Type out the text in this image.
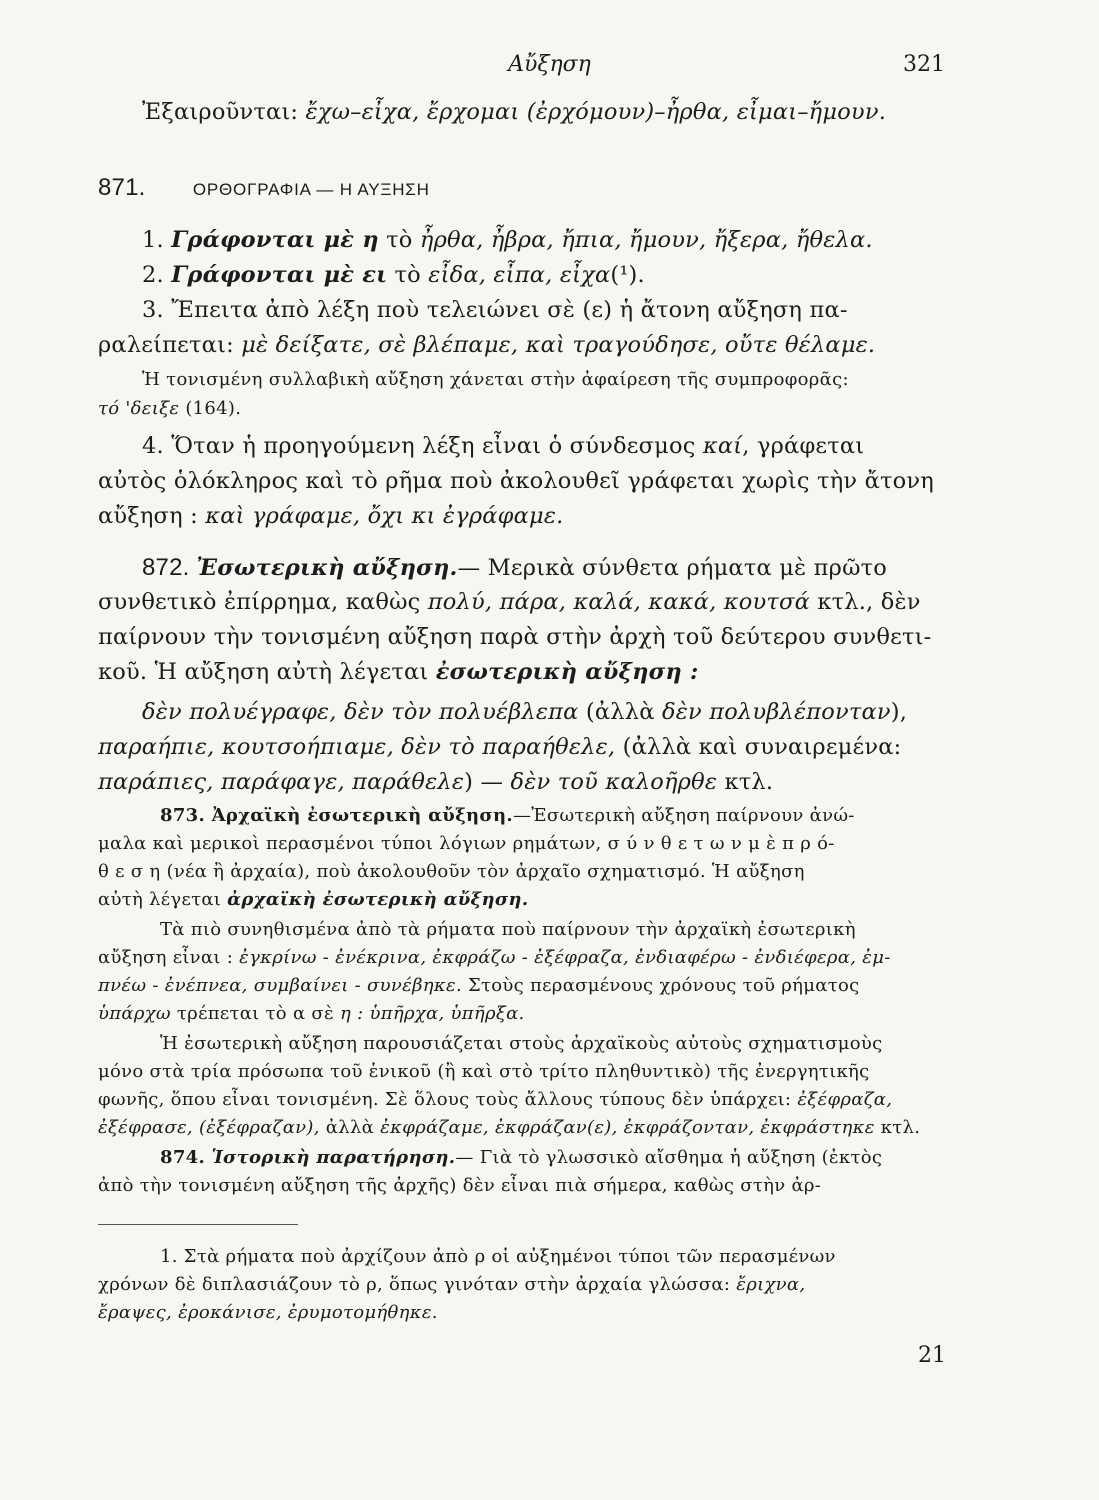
Αὔξηση	321
Ἐξαιροῦνται: ἔχω–εἶχα, ἔρχομαι (ἐρχόμουν)–ἦρθα, εἶμαι–ἤμουν.
871.	ΟΡΘΟΓΡΑΦΙΑ — Η ΑΥΞΗΣΗ
1. Γράφονται μὲ η τὸ ἦρθα, ἦβρα, ἤπια, ἤμουν, ἤξερα, ἤθελα.
2. Γράφονται μὲ ει τὸ εἶδα, εἶπα, εἶχα(¹).
3. Ἔπειτα ἀπὸ λέξη ποὺ τελειώνει σὲ (ε) ἡ ἄτονη αὔξηση πα-
ραλείπεται: μὲ δείξατε, σὲ βλέπαμε, καὶ τραγούδησε, οὔτε θέλαμε.
Ἡ τονισμένη συλλαβικὴ αὔξηση χάνεται στὴν ἀφαίρεση τῆς συμπροφορᾶς:
τό 'δειξε (164).
4. Ὅταν ἡ προηγούμενη λέξη εἶναι ὁ σύνδεσμος καί, γράφεται
αὐτὸς ὁλόκληρος καὶ τὸ ρῆμα ποὺ ἀκολουθεῖ γράφεται χωρὶς τὴν ἄτονη
αὔξηση : καὶ γράφαμε, ὄχι κι ἐγράφαμε.
872. Ἐσωτερικὴ αὔξηση.— Μερικὰ σύνθετα ρήματα μὲ πρῶτο
συνθετικὸ ἐπίρρημα, καθὼς πολύ, πάρα, καλά, κακά, κουτσά κτλ., δὲν
παίρνουν τὴν τονισμένη αὔξηση παρὰ στὴν ἀρχὴ τοῦ δεύτερου συνθετι-
κοῦ. Ἡ αὔξηση αὐτὴ λέγεται ἐσωτερικὴ αὔξηση :
δὲν πολυέγραφε, δὲν τὸν πολυέβλεπα (ἀλλὰ δὲν πολυβλέπονταν),
παραήπιε, κουτσοήπιαμε, δὲν τὸ παραήθελε, (ἀλλὰ καὶ συναιρεμένα:
παράπιες, παράφαγε, παράθελε) — δὲν τοῦ καλοῆρθε κτλ.
873. Ἀρχαϊκὴ ἐσωτερικὴ αὔξηση.—Ἐσωτερικὴ αὔξηση παίρνουν ἀνώ-
μαλα καὶ μερικοὶ περασμένοι τύποι λόγιων ρημάτων, σ ύ ν θ ε τ ω ν μ ὲ π ρ ό-
θ ε σ η (νέα ἢ ἀρχαία), ποὺ ἀκολουθοῦν τὸν ἀρχαῖο σχηματισμό. Ἡ αὔξηση
αὐτὴ λέγεται ἀρχαϊκὴ ἐσωτερικὴ αὔξηση.
Τὰ πιὸ συνηθισμένα ἀπὸ τὰ ρήματα ποὺ παίρνουν τὴν ἀρχαϊκὴ ἐσωτερικὴ
αὔξηση εἶναι : ἐγκρίνω - ἐνέκρινα, ἐκφράζω - ἐξέφραζα, ἐνδιαφέρω - ἐνδιέφερα, ἐμ-
πνέω - ἐνέπνεα, συμβαίνει - συνέβηκε. Στοὺς περασμένους χρόνους τοῦ ρήματος
ὑπάρχω τρέπεται τὸ α σὲ η : ὑπῆρχα, ὑπῆρξα.
Ἡ ἐσωτερικὴ αὔξηση παρουσιάζεται στοὺς ἀρχαϊκοὺς αὐτοὺς σχηματισμοὺς
μόνο στὰ τρία πρόσωπα τοῦ ἑνικοῦ (ἢ καὶ στὸ τρίτο πληθυντικὸ) τῆς ἐνεργητικῆς
φωνῆς, ὅπου εἶναι τονισμένη. Σὲ ὅλους τοὺς ἄλλους τύπους δὲν ὑπάρχει: ἐξέφραζα,
ἐξέφρασε, (ἐξέφραζαν), ἀλλὰ ἐκφράζαμε, ἐκφράζαν(ε), ἐκφράζονταν, ἐκφράστηκε κτλ.
874. Ἱστορικὴ παρατήρηση.— Γιὰ τὸ γλωσσικὸ αἴσθημα ἡ αὔξηση (ἐκτὸς
ἀπὸ τὴν τονισμένη αὔξηση τῆς ἀρχῆς) δὲν εἶναι πιὰ σήμερα, καθὼς στὴν ἀρ-
1. Στὰ ρήματα ποὺ ἀρχίζουν ἀπὸ ρ οἱ αὐξημένοι τύποι τῶν περασμένων
χρόνων δὲ διπλασιάζουν τὸ ρ, ὅπως γινόταν στὴν ἀρχαία γλώσσα: ἔριχνα,
ἔραψες, ἐροκάνισε, ἐρυμοτομήθηκε.
21
